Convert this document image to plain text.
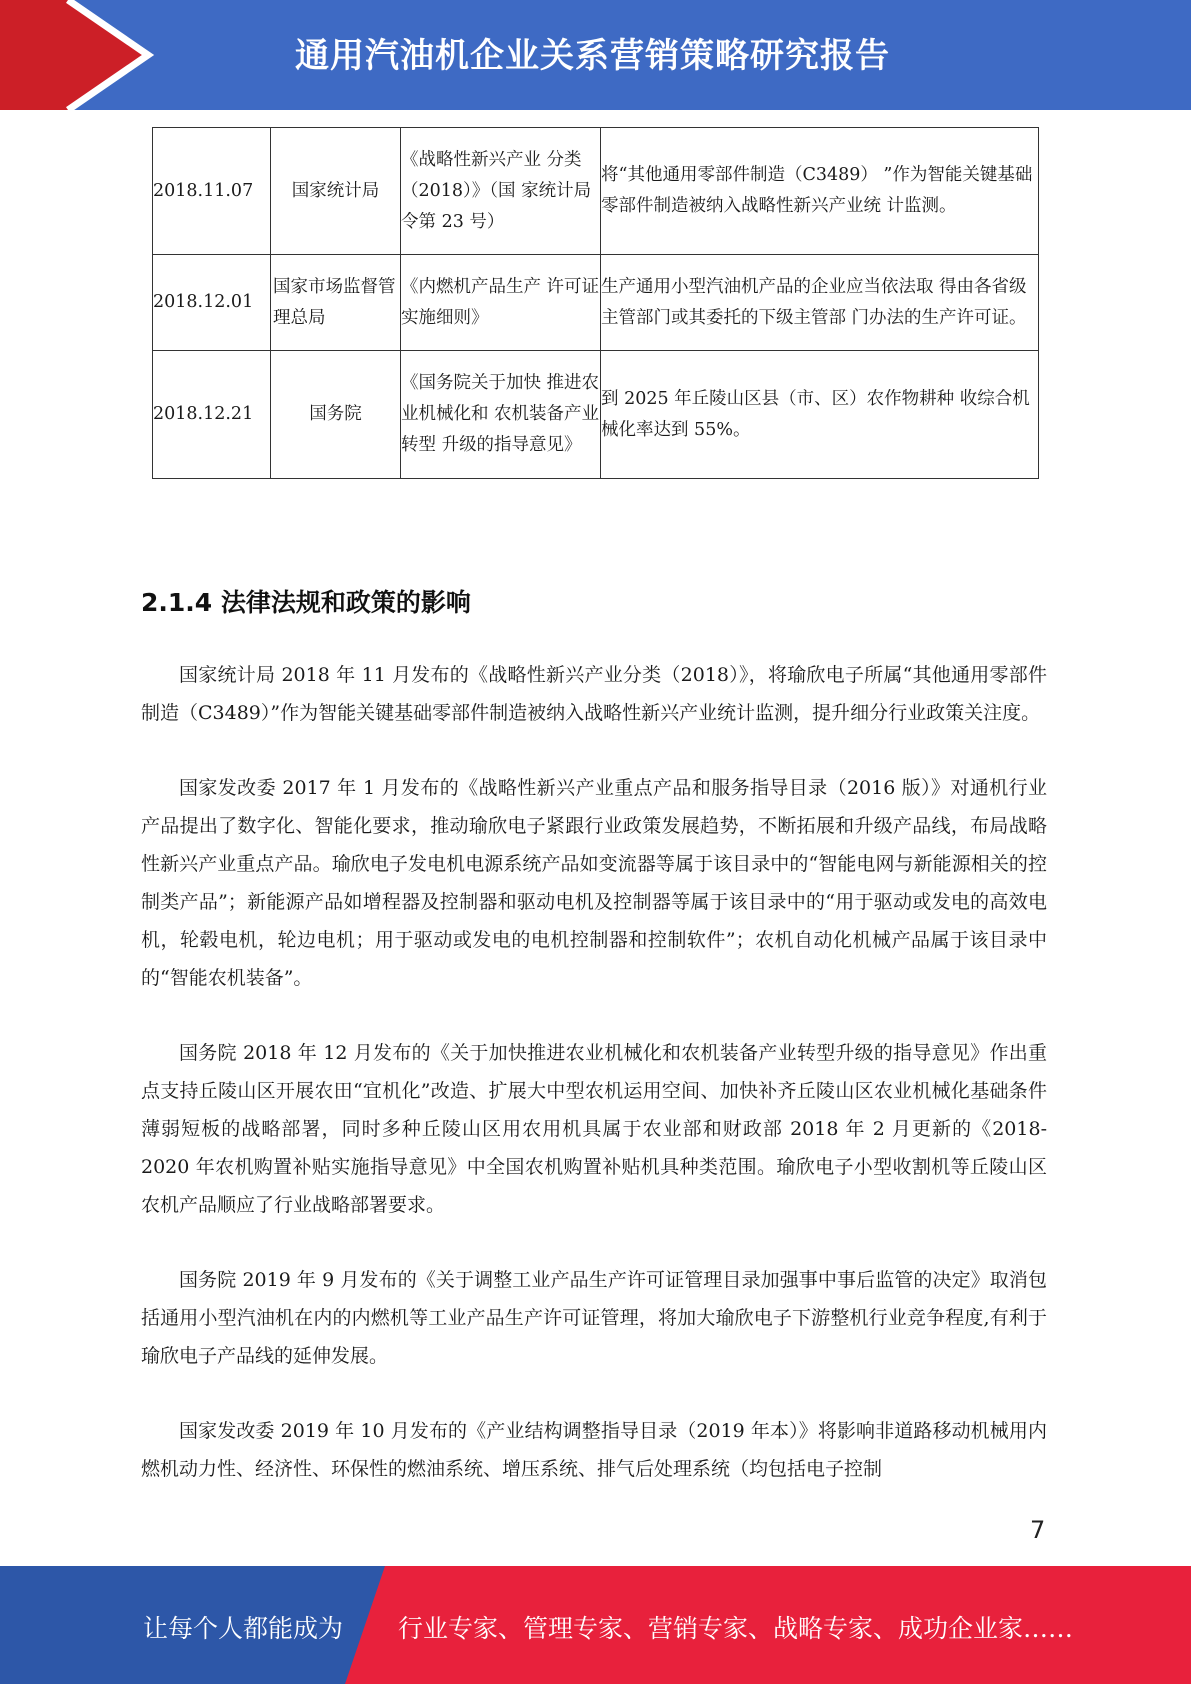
通用汽油机企业关系营销策略研究报告
2018.11.07	国家统计局	《战略性新兴产业 分类（2018）》（国 家统计局令第 23 号）	将“其他通用零部件制造（C3489） ”作为智能关键基础零部件制造被纳入战略性新兴产业统 计监测。
2018.12.01	国家市场监督管理总局	《内燃机产品生产 许可证实施细则》	生产通用小型汽油机产品的企业应当依法取 得由各省级主管部门或其委托的下级主管部 门办法的生产许可证。
2018.12.21	国务院	《国务院关于加快 推进农业机械化和 农机装备产业转型 升级的指导意见》	到 2025 年丘陵山区县（市、区）农作物耕种 收综合机械化率达到 55%。
2.1.4 法律法规和政策的影响

国家统计局 2018 年 11 月发布的《战略性新兴产业分类（2018）》，将瑜欣电子所属“其他通用零部件制造（C3489）”作为智能关键基础零部件制造被纳入战略性新兴产业统计监测，提升细分行业政策关注度。

国家发改委 2017 年 1 月发布的《战略性新兴产业重点产品和服务指导目录（2016 版）》对通机行业产品提出了数字化、智能化要求，推动瑜欣电子紧跟行业政策发展趋势，不断拓展和升级产品线，布局战略性新兴产业重点产品。瑜欣电子发电机电源系统产品如变流器等属于该目录中的“智能电网与新能源相关的控制类产品”；新能源产品如增程器及控制器和驱动电机及控制器等属于该目录中的“用于驱动或发电的高效电机，轮毂电机，轮边电机；用于驱动或发电的电机控制器和控制软件”；农机自动化机械产品属于该目录中的“智能农机装备”。

国务院 2018 年 12 月发布的《关于加快推进农业机械化和农机装备产业转型升级的指导意见》作出重点支持丘陵山区开展农田“宜机化”改造、扩展大中型农机运用空间、加快补齐丘陵山区农业机械化基础条件薄弱短板的战略部署，同时多种丘陵山区用农用机具属于农业部和财政部 2018 年 2 月更新的《2018-2020 年农机购置补贴实施指导意见》中全国农机购置补贴机具种类范围。瑜欣电子小型收割机等丘陵山区农机产品顺应了行业战略部署要求。

国务院 2019 年 9 月发布的《关于调整工业产品生产许可证管理目录加强事中事后监管的决定》取消包括通用小型汽油机在内的内燃机等工业产品生产许可证管理，将加大瑜欣电子下游整机行业竞争程度,有利于瑜欣电子产品线的延伸发展。

国家发改委 2019 年 10 月发布的《产业结构调整指导目录（2019 年本）》将影响非道路移动机械用内燃机动力性、经济性、环保性的燃油系统、增压系统、排气后处理系统（均包括电子控制

7
让每个人都能成为 行业专家、管理专家、营销专家、战略专家、成功企业家……
